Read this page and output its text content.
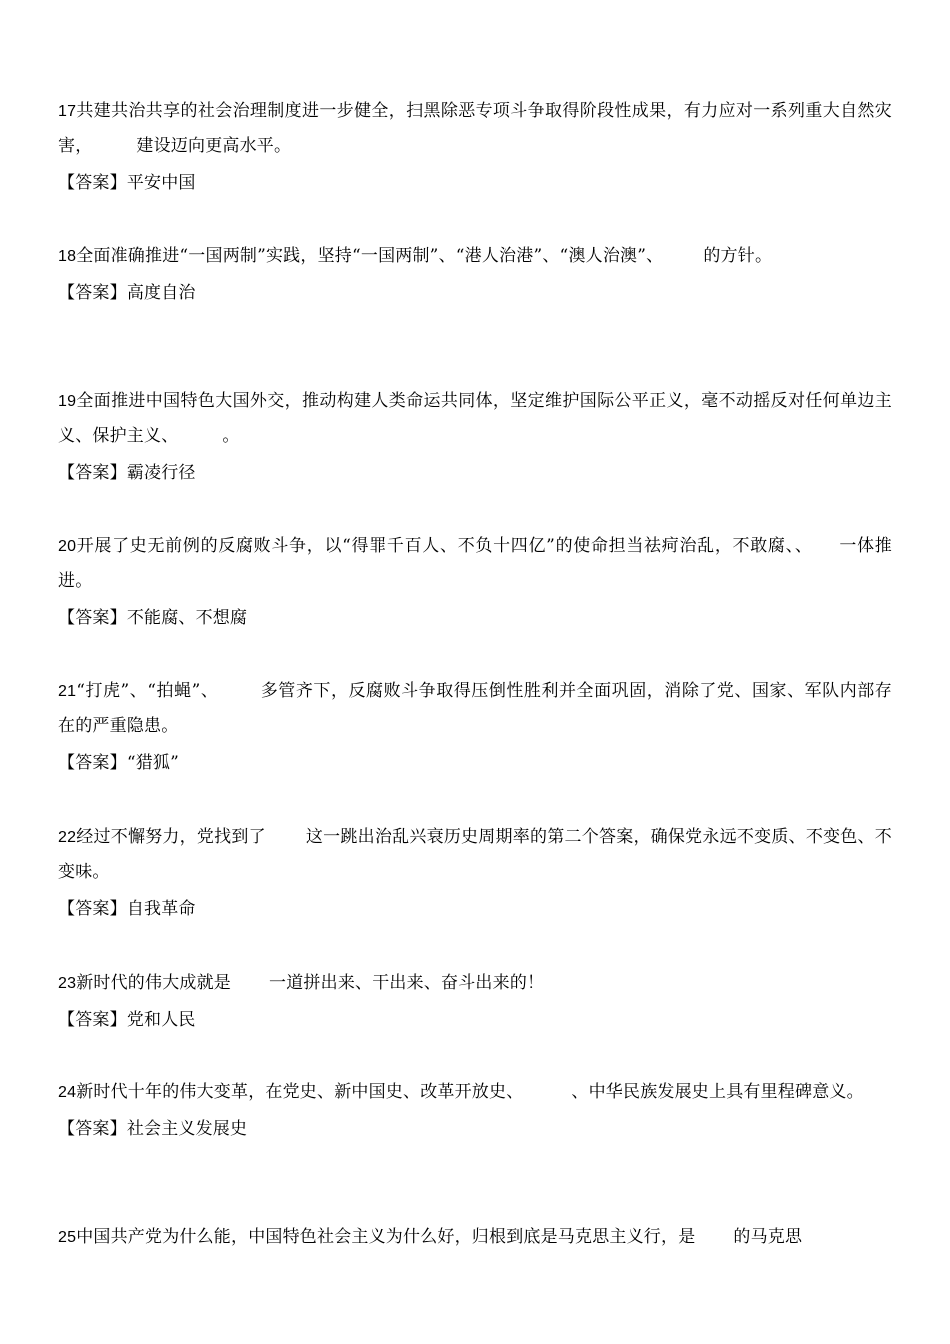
17共建共治共享的社会治理制度进一步健全，扫黑除恶专项斗争取得阶段性成果，有力应对一系列重大自然灾害，	建设迈向更高水平。

【答案】平安中国

18全面准确推进“一国两制”实践，坚持“一国两制”、“港人治港”、“澳人治澳”、 的方针。

【答案】高度自治

19全面推进中国特色大国外交，推动构建人类命运共同体，坚定维护国际公平正义，毫不动摇反对任何单边主义、保护主义、	。

【答案】霸凌行径

20开展了史无前例的反腐败斗争，以“得罪千百人、不负十四亿”的使命担当祛疴治乱，不敢腐、、　　一体推进。

【答案】不能腐、不想腐

21“打虎”、“拍蝇”、 多管齐下，反腐败斗争取得压倒性胜利并全面巩固，消除了党、国家、军队内部存在的严重隐患。

【答案】“猎狐”

22经过不懈努力，党找到了 这一跳出治乱兴衰历史周期率的第二个答案，确保党永远不变质、不变色、不变味。

【答案】自我革命

23新时代的伟大成就是 一道拼出来、干出来、奋斗出来的！

【答案】党和人民

24新时代十年的伟大变革，在党史、新中国史、改革开放史、	、中华民族发展史上具有里程碑意义。

【答案】社会主义发展史

25中国共产党为什么能，中国特色社会主义为什么好，归根到底是马克思主义行，是 的马克思
